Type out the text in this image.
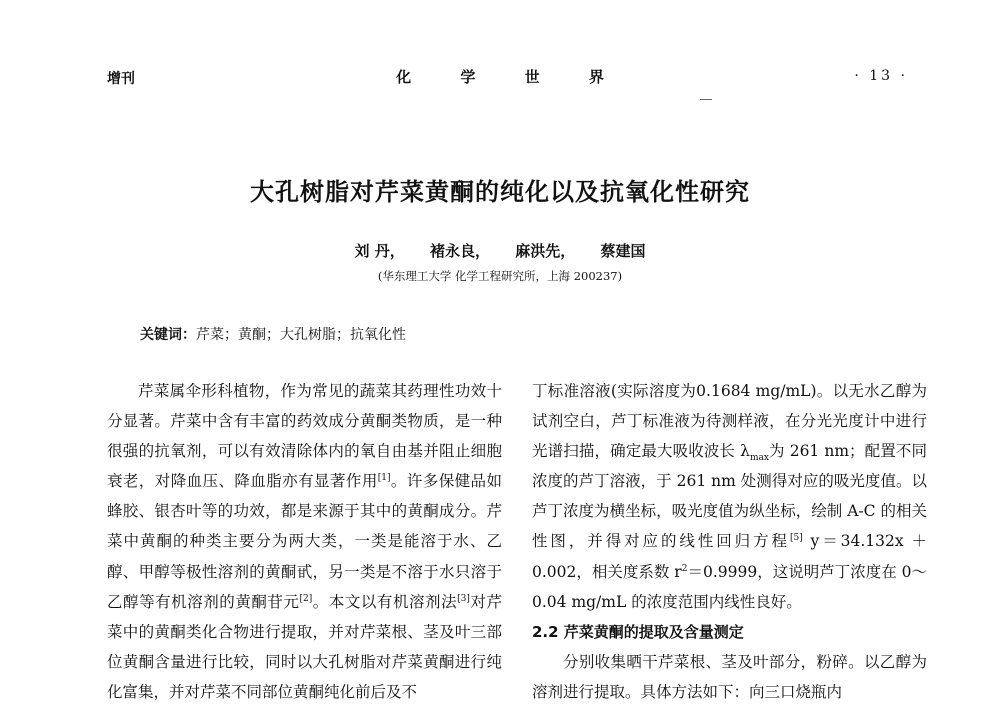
增刊	化	学	世	界	· 13 ·
大孔树脂对芹菜黄酮的纯化以及抗氧化性研究
刘 丹， 褚永良， 麻洪先， 蔡建国
(华东理工大学 化学工程研究所，上海 200237)
关键词：芹菜；黄酮；大孔树脂；抗氧化性

芹菜属伞形科植物，作为常见的蔬菜其药理性功效十分显著。芹菜中含有丰富的药效成分黄酮类物质，是一种很强的抗氧剂，可以有效清除体内的氧自由基并阻止细胞衰老，对降血压、降血脂亦有显著作用[1]。许多保健品如蜂胶、银杏叶等的功效，都是来源于其中的黄酮成分。芹菜中黄酮的种类主要分为两大类，一类是能溶于水、乙醇、甲醇等极性溶剂的黄酮甙，另一类是不溶于水只溶于乙醇等有机溶剂的黄酮苷元[2]。本文以有机溶剂法[3]对芹菜中的黄酮类化合物进行提取，并对芹菜根、茎及叶三部位黄酮含量进行比较，同时以大孔树脂对芹菜黄酮进行纯化富集，并对芹菜不同部位黄酮纯化前后及不

丁标准溶液(实际溶度为0.1684 mg/mL)。以无水乙醇为试剂空白，芦丁标准液为待测样液，在分光光度计中进行光谱扫描，确定最大吸收波长 $\lambda_{max}$为 261 nm；配置不同浓度的芦丁溶液，于 261 nm 处测得对应的吸光度值。以芦丁浓度为横坐标，吸光度值为纵坐标，绘制 A-C 的相关性图，并得对应的线性回归方程[5] y＝34.132x ＋ 0.002，相关度系数 $r^2=0.9999$，这说明芦丁浓度在 0～0.04 mg/mL 的浓度范围内线性良好。

2.2 芹菜黄酮的提取及含量测定

分别收集晒干芹菜根、茎及叶部分，粉碎。以乙醇为溶剂进行提取。具体方法如下：向三口烧瓶内
